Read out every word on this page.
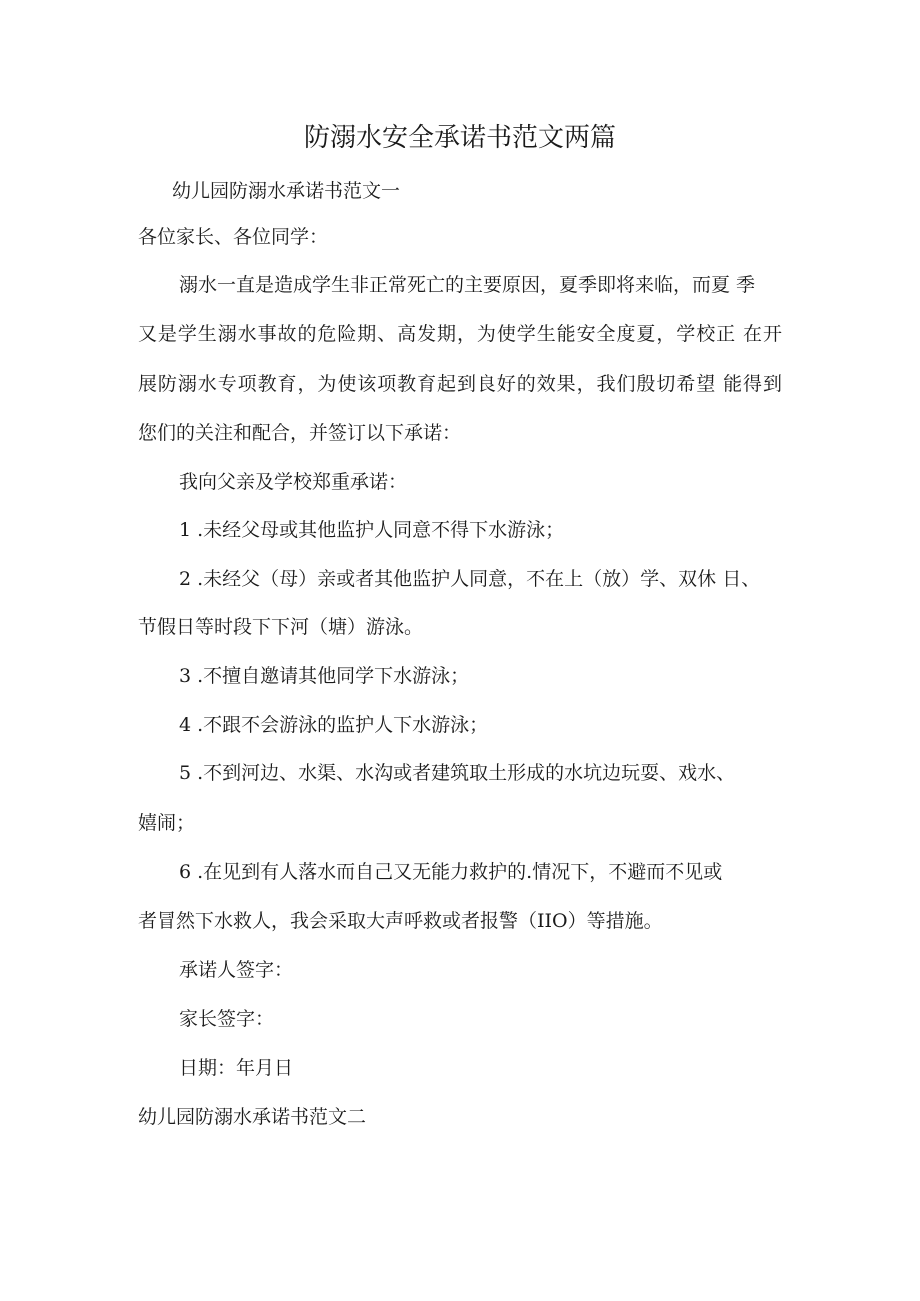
防溺水安全承诺书范文两篇
幼儿园防溺水承诺书范文一
各位家长、各位同学：
溺水一直是造成学生非正常死亡的主要原因，夏季即将来临，而夏 季
又是学生溺水事故的危险期、高发期，为使学生能安全度夏，学校正 在开
展防溺水专项教育，为使该项教育起到良好的效果，我们殷切希望 能得到
您们的关注和配合，并签订以下承诺：
我向父亲及学校郑重承诺：
1 .未经父母或其他监护人同意不得下水游泳；
2 .未经父（母）亲或者其他监护人同意，不在上（放）学、双休 日、
节假日等时段下下河（塘）游泳。
3 .不擅自邀请其他同学下水游泳；
4 .不跟不会游泳的监护人下水游泳；
5 .不到河边、水渠、水沟或者建筑取土形成的水坑边玩耍、戏水、
嬉闹；
6 .在见到有人落水而自己又无能力救护的.情况下，不避而不见或
者冒然下水救人，我会采取大声呼救或者报警（IIO）等措施。
承诺人签字：
家长签字：
日期：年月日
幼儿园防溺水承诺书范文二
